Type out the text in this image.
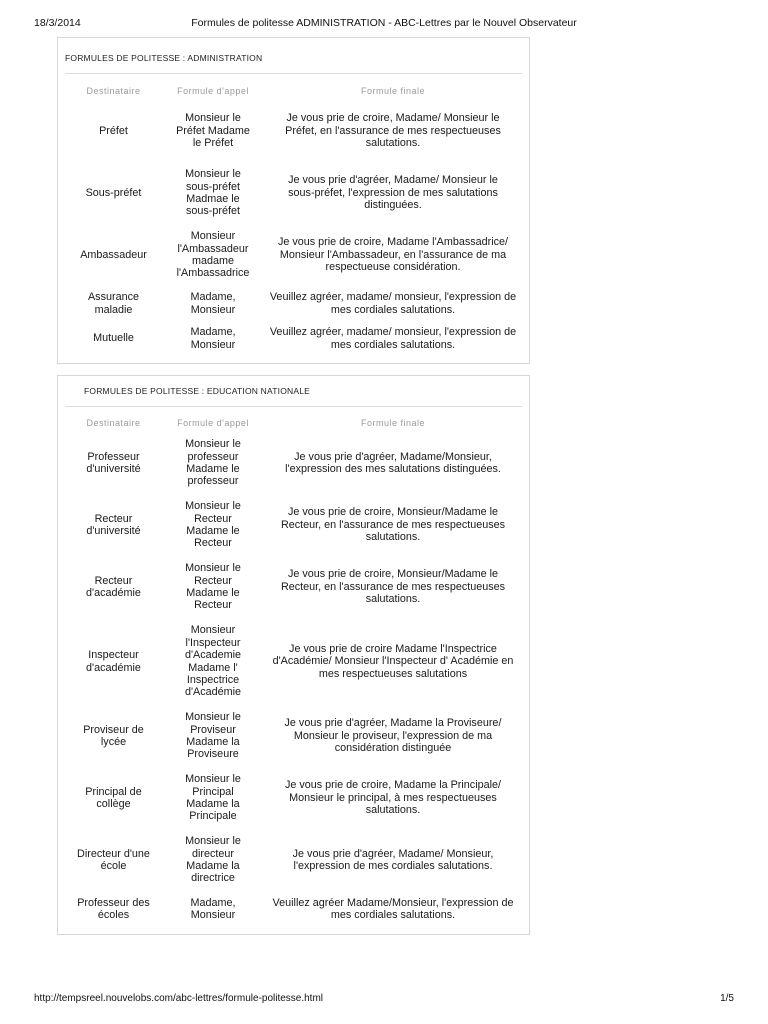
18/3/2014	Formules de politesse ADMINISTRATION - ABC-Lettres par le Nouvel Observateur
FORMULES DE POLITESSE : ADMINISTRATION
Destinataire	Formule d'appel	Formule finale
Préfet	Monsieur le Préfet Madame le Préfet	Je vous prie de croire, Madame/ Monsieur le Préfet, en l'assurance de mes respectueuses salutations.
Sous-préfet	Monsieur le sous-préfet Madmae le sous-préfet	Je vous prie d'agréer, Madame/ Monsieur le sous-préfet, l'expression de mes salutations distinguées.
Ambassadeur	Monsieur l'Ambassadeur madame l'Ambassadrice	Je vous prie de croire, Madame l'Ambassadrice/ Monsieur l'Ambassadeur, en l'assurance de ma respectueuse considération.
Assurance maladie	Madame, Monsieur	Veuillez agréer, madame/ monsieur, l'expression de mes cordiales salutations.
Mutuelle	Madame, Monsieur	Veuillez agréer, madame/ monsieur, l'expression de mes cordiales salutations.
FORMULES DE POLITESSE : EDUCATION NATIONALE
Destinataire	Formule d'appel	Formule finale
Professeur d'université	Monsieur le professeur Madame le professeur	Je vous prie d'agréer, Madame/Monsieur, l'expression des mes salutations distinguées.
Recteur d'université	Monsieur le Recteur Madame le Recteur	Je vous prie de croire, Monsieur/Madame le Recteur, en l'assurance de mes respectueuses salutations.
Recteur d'académie	Monsieur le Recteur Madame le Recteur	Je vous prie de croire, Monsieur/Madame le Recteur, en l'assurance de mes respectueuses salutations.
Inspecteur d'académie	Monsieur l'Inspecteur d'Academie Madame l' Inspectrice d'Académie	Je vous prie de croire Madame l'Inspectrice d'Académie/ Monsieur l'Inspecteur d' Académie en mes respectueuses salutations
Proviseur de lycée	Monsieur le Proviseur Madame la Proviseure	Je vous prie d'agréer, Madame la Proviseure/ Monsieur le proviseur, l'expression de ma considération distinguée
Principal de collège	Monsieur le Principal Madame la Principale	Je vous prie de croire, Madame la Principale/ Monsieur le principal, à mes respectueuses salutations.
Directeur d'une école	Monsieur le directeur Madame la directrice	Je vous prie d'agréer, Madame/ Monsieur, l'expression de mes cordiales salutations.
Professeur des écoles	Madame, Monsieur	Veuillez agréer Madame/Monsieur, l'expression de mes cordiales salutations.
http://tempsreel.nouvelobs.com/abc-lettres/formule-politesse.html	1/5
